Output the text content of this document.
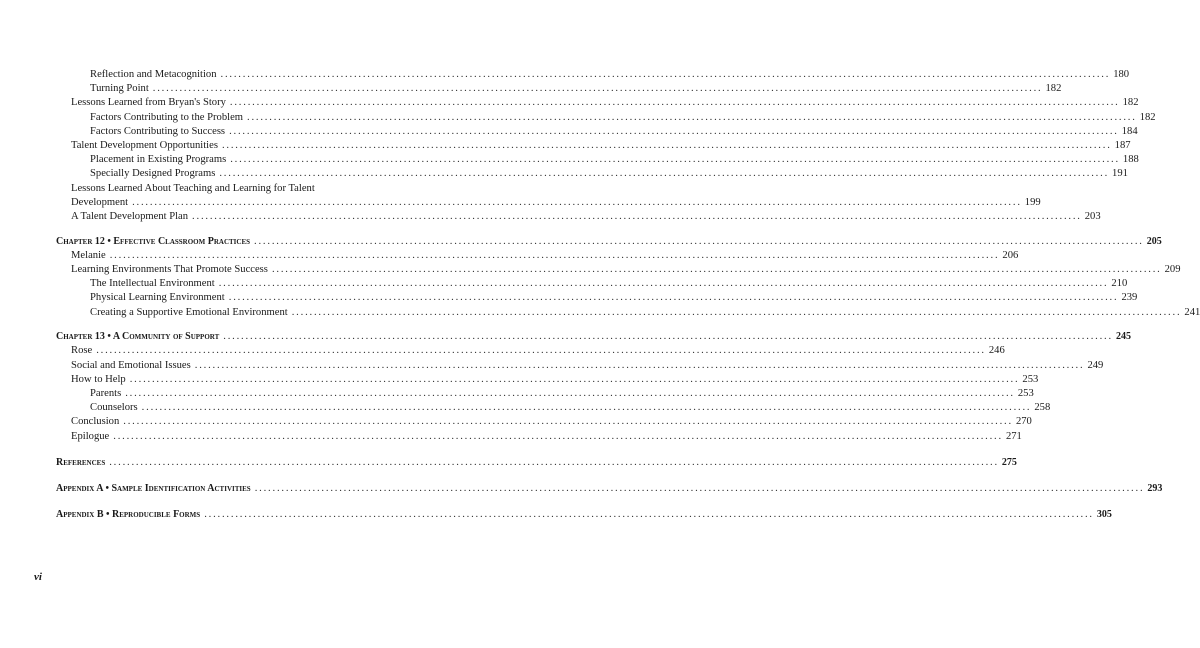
Reflection and Metacognition ........................................................................................................................................................................................................ 180
Turning Point ........................................................................................................................................................................................................ 182
Lessons Learned from Bryan's Story ........................................................................................................................................................................................................ 182
Factors Contributing to the Problem ........................................................................................................................................................................................................ 182
Factors Contributing to Success ........................................................................................................................................................................................................ 184
Talent Development Opportunities ........................................................................................................................................................................................................ 187
Placement in Existing Programs ........................................................................................................................................................................................................ 188
Specially Designed Programs ........................................................................................................................................................................................................ 191
Lessons Learned About Teaching and Learning for Talent
Development ........................................................................................................................................................................................................ 199
A Talent Development Plan ........................................................................................................................................................................................................ 203
Chapter 12 • Effective Classroom Practices ........................................................................................................................................................................................................ 205
Melanie ........................................................................................................................................................................................................ 206
Learning Environments That Promote Success ........................................................................................................................................................................................................ 209
The Intellectual Environment ........................................................................................................................................................................................................ 210
Physical Learning Environment ........................................................................................................................................................................................................ 239
Creating a Supportive Emotional Environment ........................................................................................................................................................................................................ 241
Chapter 13 • A Community of Support ........................................................................................................................................................................................................ 245
Rose ........................................................................................................................................................................................................ 246
Social and Emotional Issues ........................................................................................................................................................................................................ 249
How to Help ........................................................................................................................................................................................................ 253
Parents ........................................................................................................................................................................................................ 253
Counselors ........................................................................................................................................................................................................ 258
Conclusion ........................................................................................................................................................................................................ 270
Epilogue ........................................................................................................................................................................................................ 271
References ........................................................................................................................................................................................................ 275
Appendix A • Sample Identification Activities ........................................................................................................................................................................................................ 293
Appendix B • Reproducible Forms ........................................................................................................................................................................................................ 305
vi
